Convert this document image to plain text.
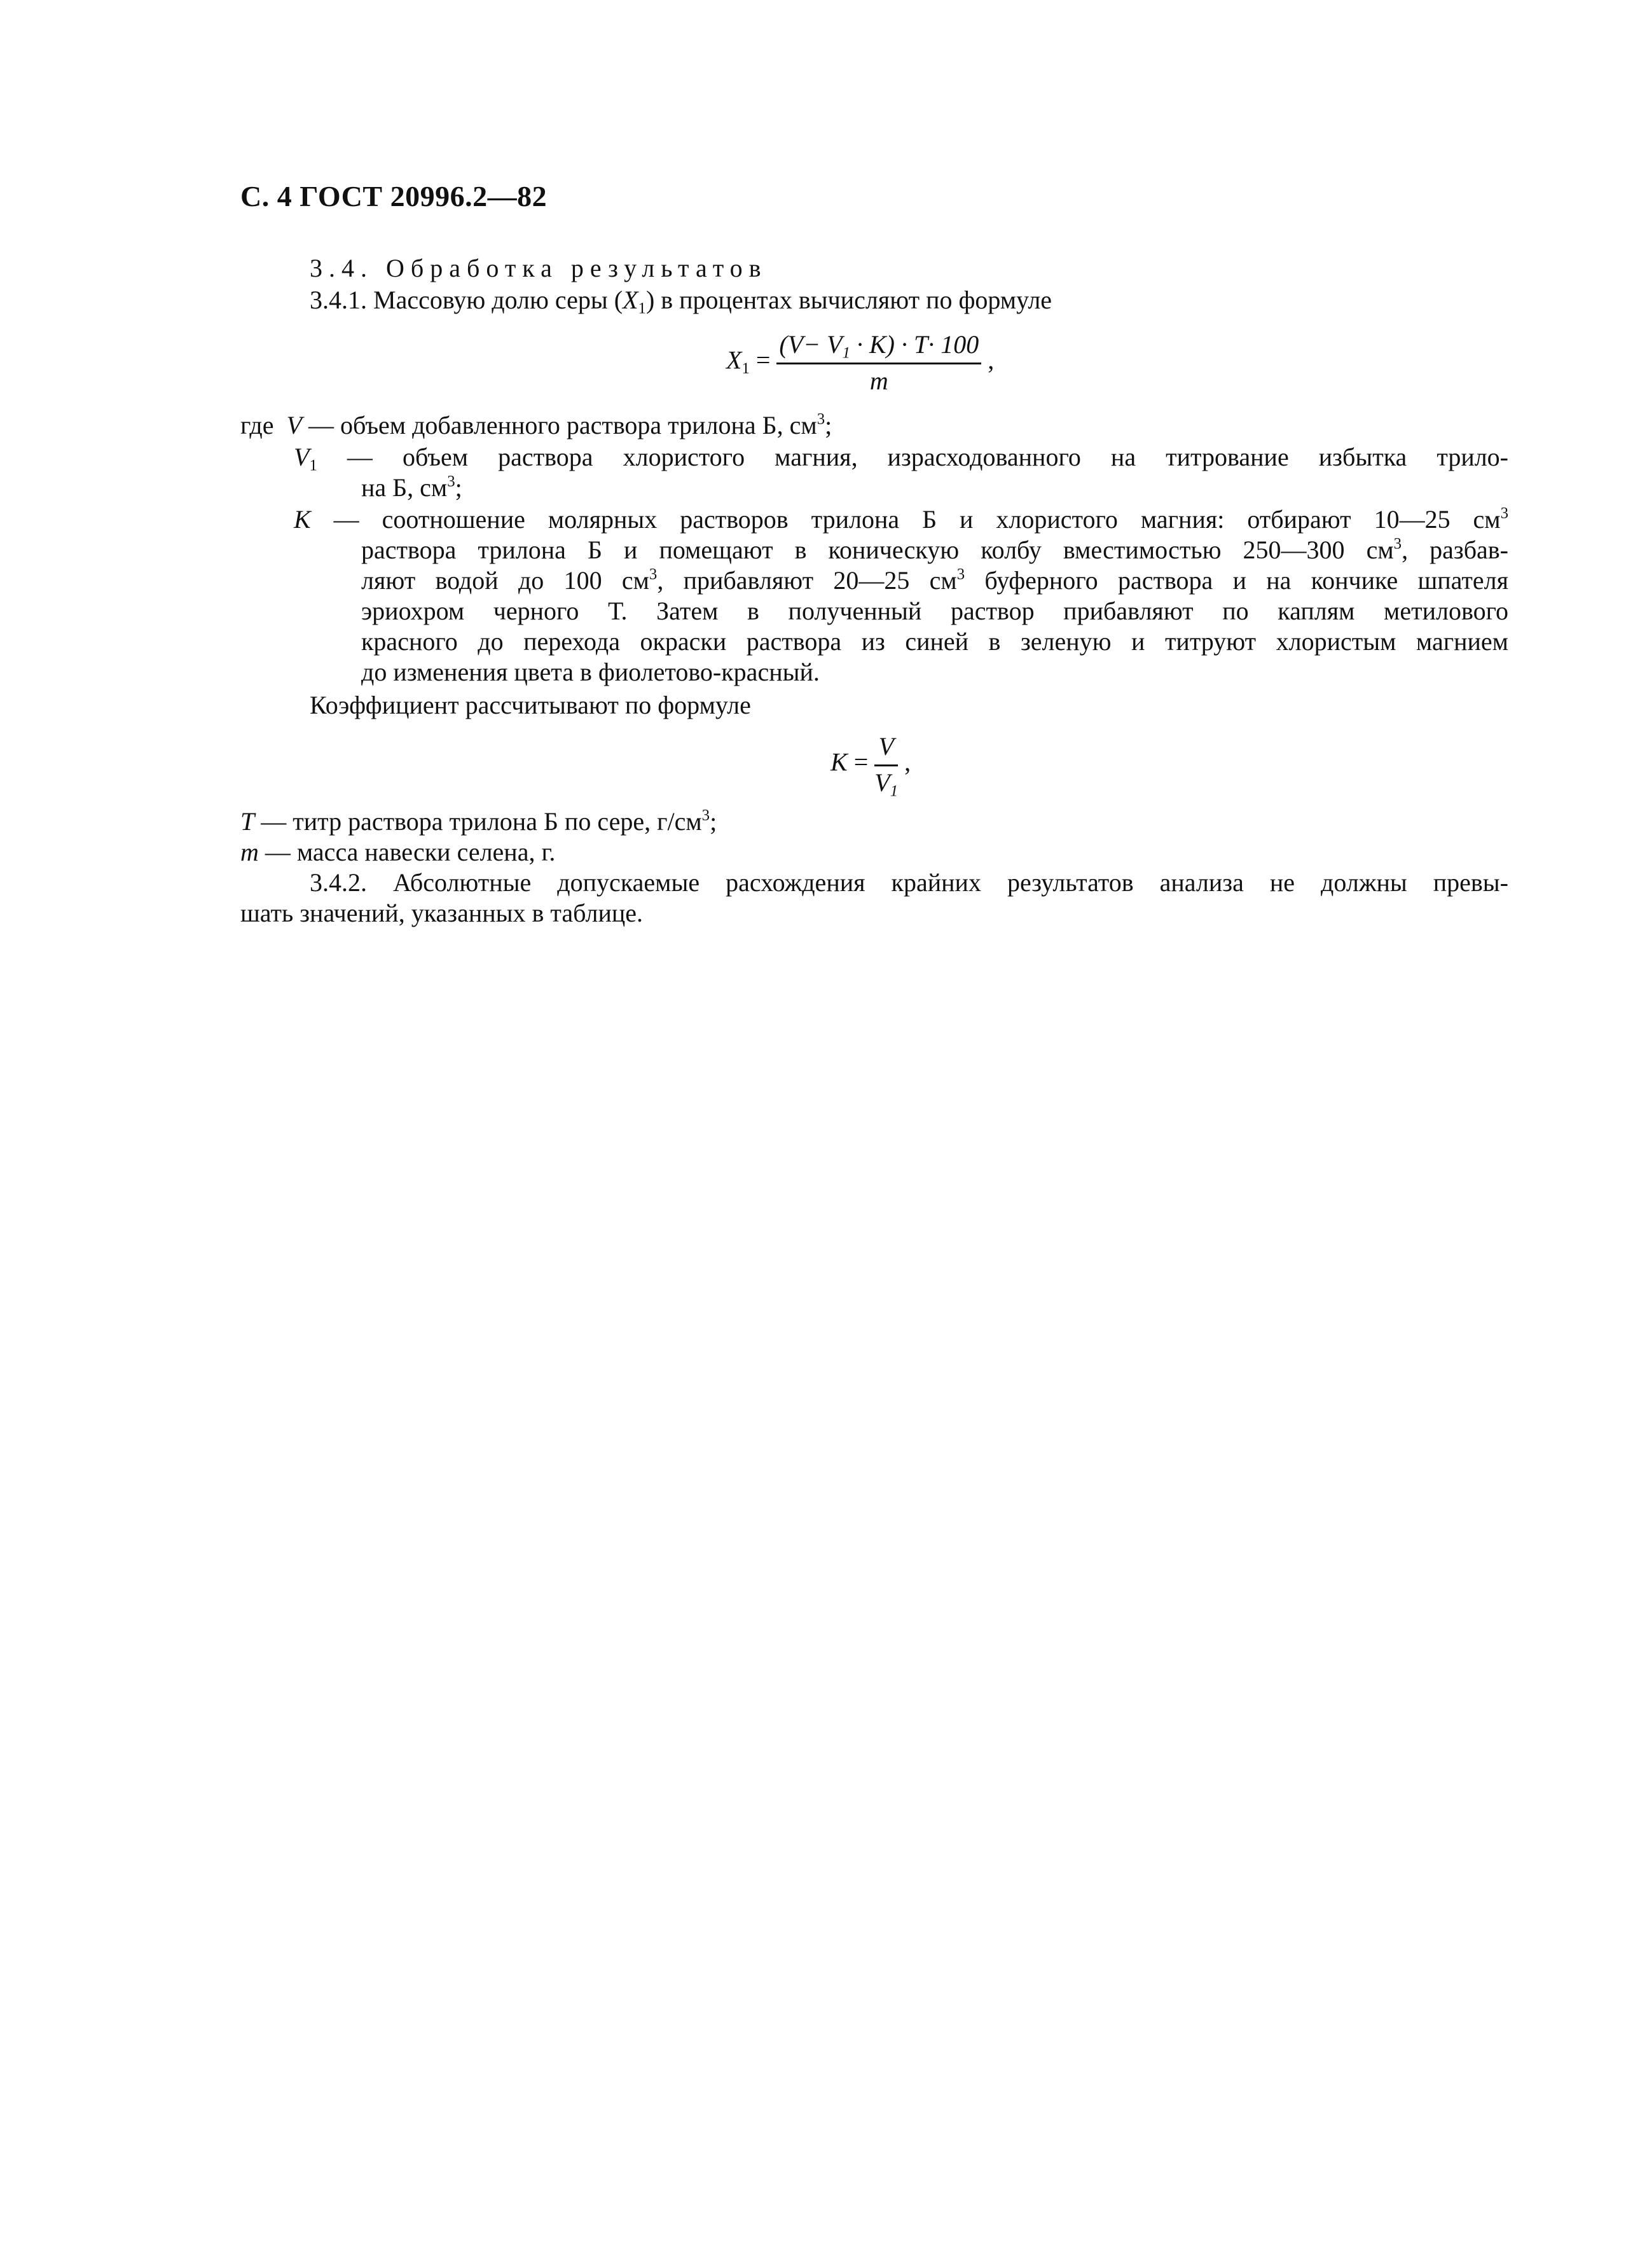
С. 4 ГОСТ 20996.2—82
3.4. Обработка результатов
3.4.1. Массовую долю серы $(X_1)$ в процентах вычисляют по формуле
$X_1 = \frac{(V- V_1 \cdot K) \cdot T\cdot 100}{m}$ ,
где V — объем добавленного раствора трилона Б, $см^3$;
$V_1$ — объем раствора хлористого магния, израсходованного на титрование избытка трило-
на Б, $см^3$;
K — соотношение молярных растворов трилона Б и хлористого магния: отбирают 10—25 $см^3$
раствора трилона Б и помещают в коническую колбу вместимостью 250—300 $см^3$, разбав-
ляют водой до 100 $см^3$, прибавляют 20—25 $см^3$ буферного раствора и на кончике шпателя
эриохром черного Т. Затем в полученный раствор прибавляют по каплям метилового
красного до перехода окраски раствора из синей в зеленую и титруют хлористым магнием
до изменения цвета в фиолетово-красный.
Коэффициент рассчитывают по формуле
$K = \frac{V}{V_1}$ ,
T — титр раствора трилона Б по сере, $г/см^3$;
m — масса навески селена, г.
3.4.2. Абсолютные допускаемые расхождения крайних результатов анализа не должны превы-
шать значений, указанных в таблице.
